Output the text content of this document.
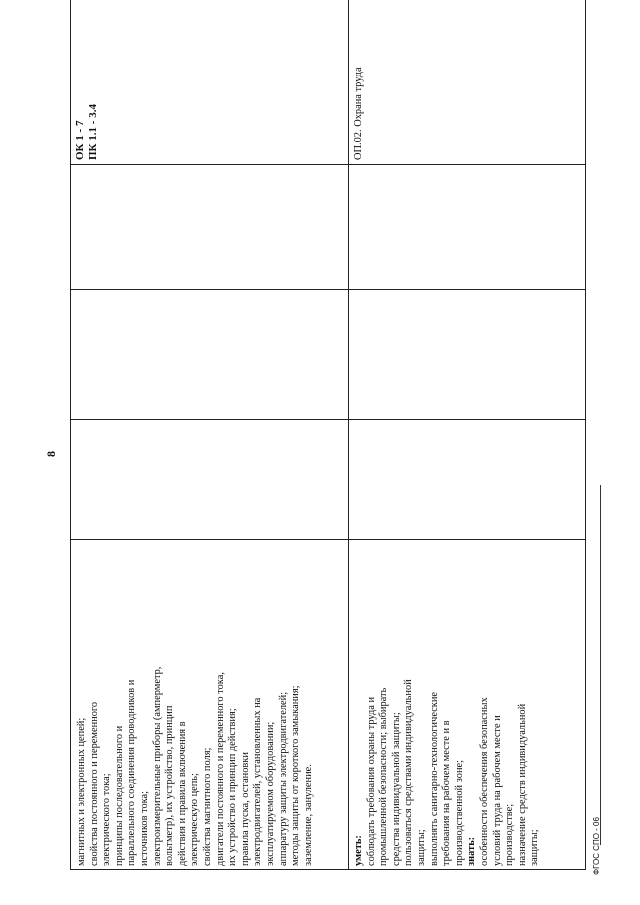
8
магнитных и электронных цепей; свойства постоянного и переменного электрического тока; принципы последовательного и параллельного соединения проводников и источников тока; электроизмерительные приборы (амперметр, вольтметр), их устройство, принцип действия и правила включения в электрическую цепь; свойства магнитного поля; двигатели постоянного и переменного тока, их устройство и принцип действия; правила пуска, остановки электродвигателей, установленных на эксплуатируемом оборудовании; аппаратуру защиты электродвигателей; методы защиты от короткого замыкания; заземление, зануление.
ОК 1 - 7 ПК 1.1 - 3.4
уметь: соблюдать требования охраны труда и промышленной безопасности; выбирать средства индивидуальной защиты; пользоваться средствами индивидуальной защиты; выполнять санитарно-технологические требования на рабочем месте и в производственной зоне; знать: особенности обеспечения безопасных условий труда на рабочем месте и производстве; назначение средств индивидуальной защиты;
ОП.02. Охрана труда
ФГОС СПО - 06
